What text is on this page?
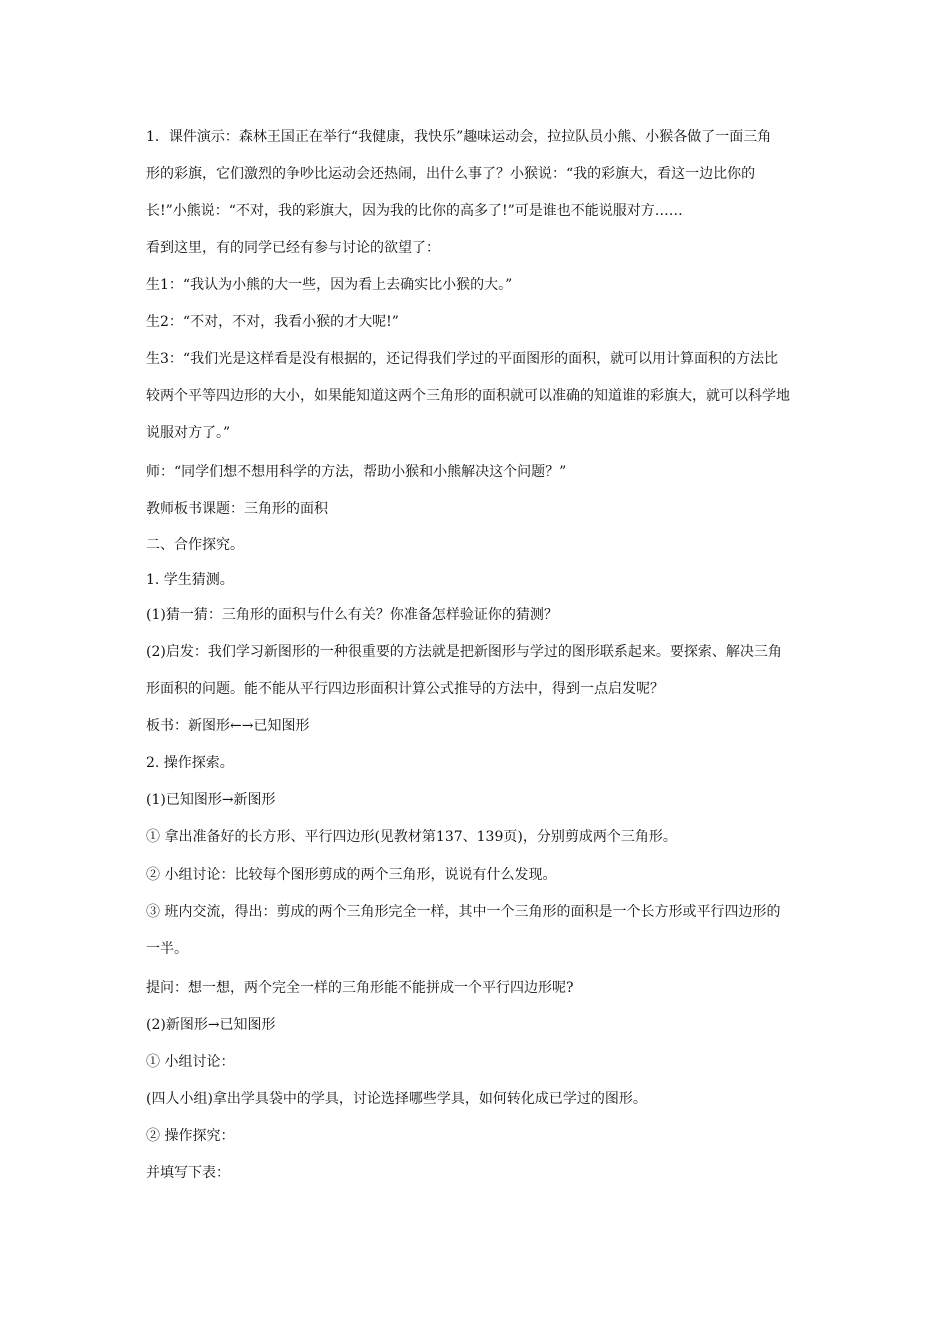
1．课件演示：森林王国正在举行“我健康，我快乐”趣味运动会，拉拉队员小熊、小猴各做了一面三角
形的彩旗，它们激烈的争吵比运动会还热闹，出什么事了？小猴说：“我的彩旗大，看这一边比你的
长!”小熊说：“不对，我的彩旗大，因为我的比你的高多了!”可是谁也不能说服对方……
看到这里，有的同学已经有参与讨论的欲望了：
生1：“我认为小熊的大一些，因为看上去确实比小猴的大。”
生2：“不对，不对，我看小猴的才大呢!”
生3：“我们光是这样看是没有根据的，还记得我们学过的平面图形的面积，就可以用计算面积的方法比
较两个平等四边形的大小，如果能知道这两个三角形的面积就可以准确的知道谁的彩旗大，就可以科学地
说服对方了。”
师：“同学们想不想用科学的方法，帮助小猴和小熊解决这个问题？”
教师板书课题：三角形的面积
二、合作探究。
1. 学生猜测。
(1)猜一猜：三角形的面积与什么有关？你准备怎样验证你的猜测？
(2)启发：我们学习新图形的一种很重要的方法就是把新图形与学过的图形联系起来。要探索、解决三角
形面积的问题。能不能从平行四边形面积计算公式推导的方法中，得到一点启发呢？
板书：新图形←→已知图形
2. 操作探索。
(1)已知图形→新图形
① 拿出准备好的长方形、平行四边形(见教材第137、139页)，分别剪成两个三角形。
② 小组讨论：比较每个图形剪成的两个三角形，说说有什么发现。
③ 班内交流，得出：剪成的两个三角形完全一样，其中一个三角形的面积是一个长方形或平行四边形的
一半。
提问：想一想，两个完全一样的三角形能不能拼成一个平行四边形呢?
(2)新图形→已知图形
① 小组讨论：
(四人小组)拿出学具袋中的学具，讨论选择哪些学具，如何转化成已学过的图形。
② 操作探究：
并填写下表：
